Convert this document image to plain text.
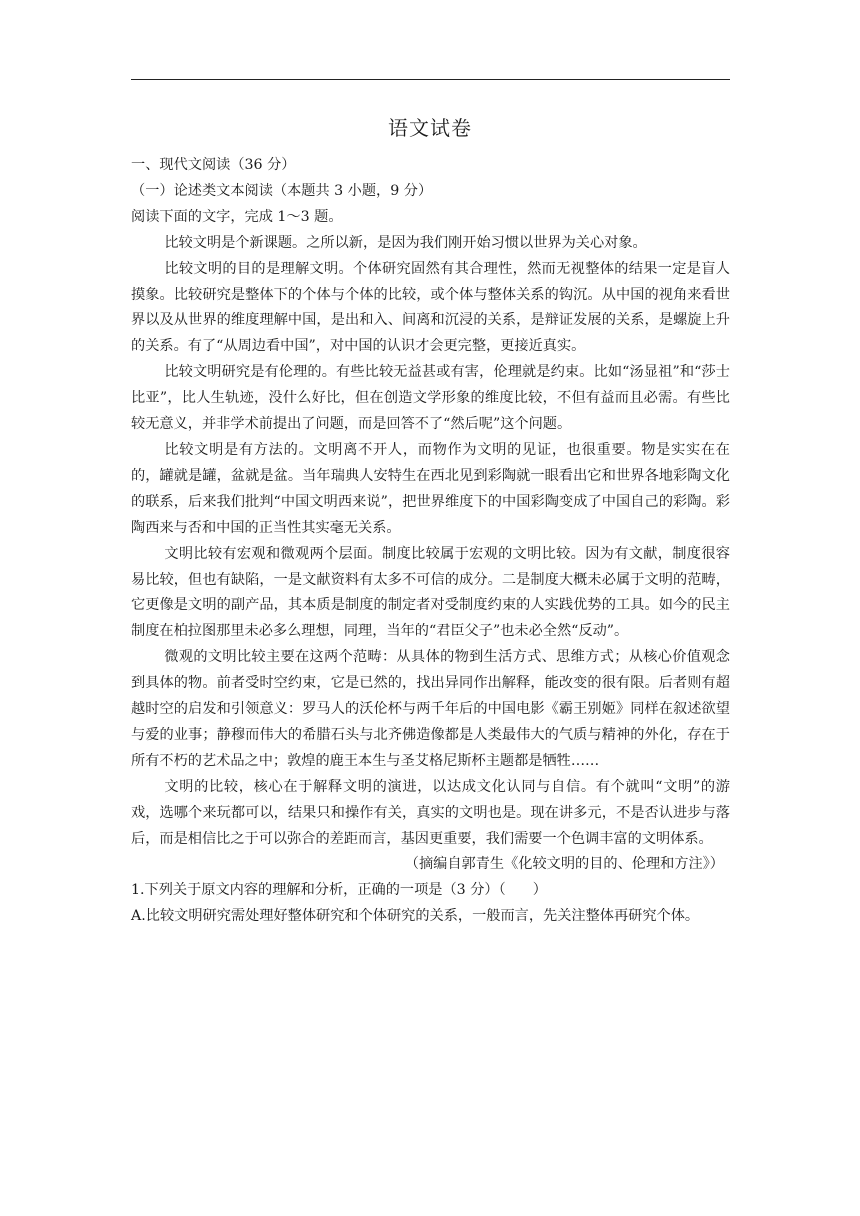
语文试卷

一、现代文阅读（36 分）

（一）论述类文本阅读（本题共 3 小题，9 分）

阅读下面的文字，完成 1～3 题。

比较文明是个新课题。之所以新，是因为我们刚开始习惯以世界为关心对象。

比较文明的目的是理解文明。个体研究固然有其合理性，然而无视整体的结果一定是盲人摸象。比较研究是整体下的个体与个体的比较，或个体与整体关系的钩沉。从中国的视角来看世界以及从世界的维度理解中国，是出和入、间离和沉浸的关系，是辩证发展的关系，是螺旋上升的关系。有了“从周边看中国”，对中国的认识才会更完整，更接近真实。

比较文明研究是有伦理的。有些比较无益甚或有害，伦理就是约束。比如“汤显祖”和“莎士比亚”，比人生轨迹，没什么好比，但在创造文学形象的维度比较，不但有益而且必需。有些比较无意义，并非学术前提出了问题，而是回答不了“然后呢”这个问题。

比较文明是有方法的。文明离不开人，而物作为文明的见证，也很重要。物是实实在在的，罐就是罐，盆就是盆。当年瑞典人安特生在西北见到彩陶就一眼看出它和世界各地彩陶文化的联系，后来我们批判“中国文明西来说”，把世界维度下的中国彩陶变成了中国自己的彩陶。彩陶西来与否和中国的正当性其实毫无关系。

文明比较有宏观和微观两个层面。制度比较属于宏观的文明比较。因为有文献，制度很容易比较，但也有缺陷，一是文献资料有太多不可信的成分。二是制度大概未必属于文明的范畴，它更像是文明的副产品，其本质是制度的制定者对受制度约束的人实践优势的工具。如今的民主制度在柏拉图那里未必多么理想，同理，当年的“君臣父子”也未必全然“反动”。

微观的文明比较主要在这两个范畴：从具体的物到生活方式、思维方式；从核心价值观念到具体的物。前者受时空约束，它是已然的，找出异同作出解释，能改变的很有限。后者则有超越时空的启发和引领意义：罗马人的沃伦杯与两千年后的中国电影《霸王别姬》同样在叙述欲望与爱的业事；静穆而伟大的希腊石头与北齐佛造像都是人类最伟大的气质与精神的外化，存在于所有不朽的艺术品之中；敦煌的鹿王本生与圣艾格尼斯杯主题都是牺牲……

文明的比较，核心在于解释文明的演进，以达成文化认同与自信。有个就叫“文明”的游戏，选哪个来玩都可以，结果只和操作有关，真实的文明也是。现在讲多元，不是否认进步与落后，而是相信比之于可以弥合的差距而言，基因更重要，我们需要一个色调丰富的文明体系。

（摘编自郭青生《化较文明的目的、伦理和方注》）

1.下列关于原文内容的理解和分析，正确的一项是（3 分）（      ）

A.比较文明研究需处理好整体研究和个体研究的关系，一般而言，先关注整体再研究个体。
